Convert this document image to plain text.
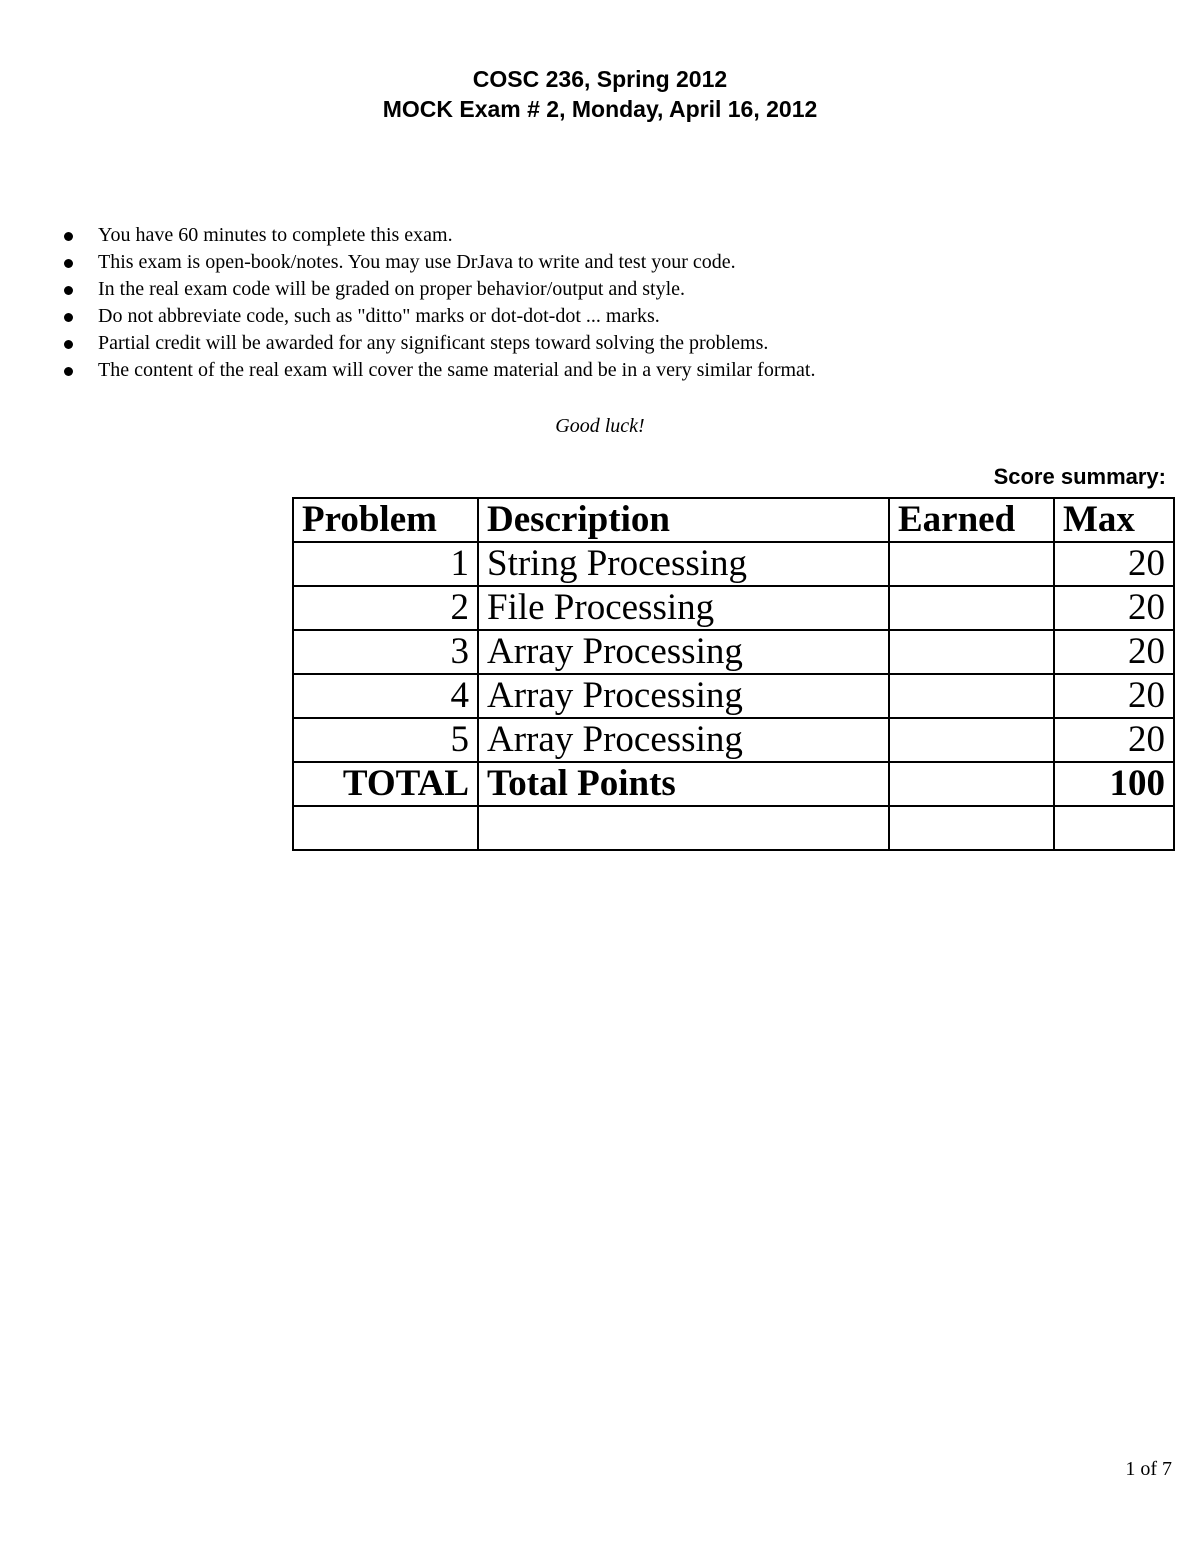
COSC 236, Spring 2012
MOCK Exam # 2, Monday, April 16, 2012
You have 60 minutes to complete this exam.
This exam is open-book/notes. You may use DrJava to write and test your code.
In the real exam code will be graded on proper behavior/output and style.
Do not abbreviate code, such as "ditto" marks or dot-dot-dot ... marks.
Partial credit will be awarded for any significant steps toward solving the problems.
The content of the real exam will cover the same material and be in a very similar format.
Good luck!
Score summary:
Problem	Description	Earned	Max
1	String Processing		20
2	File Processing		20
3	Array Processing		20
4	Array Processing		20
5	Array Processing		20
TOTAL	Total Points		100

1 of 7
